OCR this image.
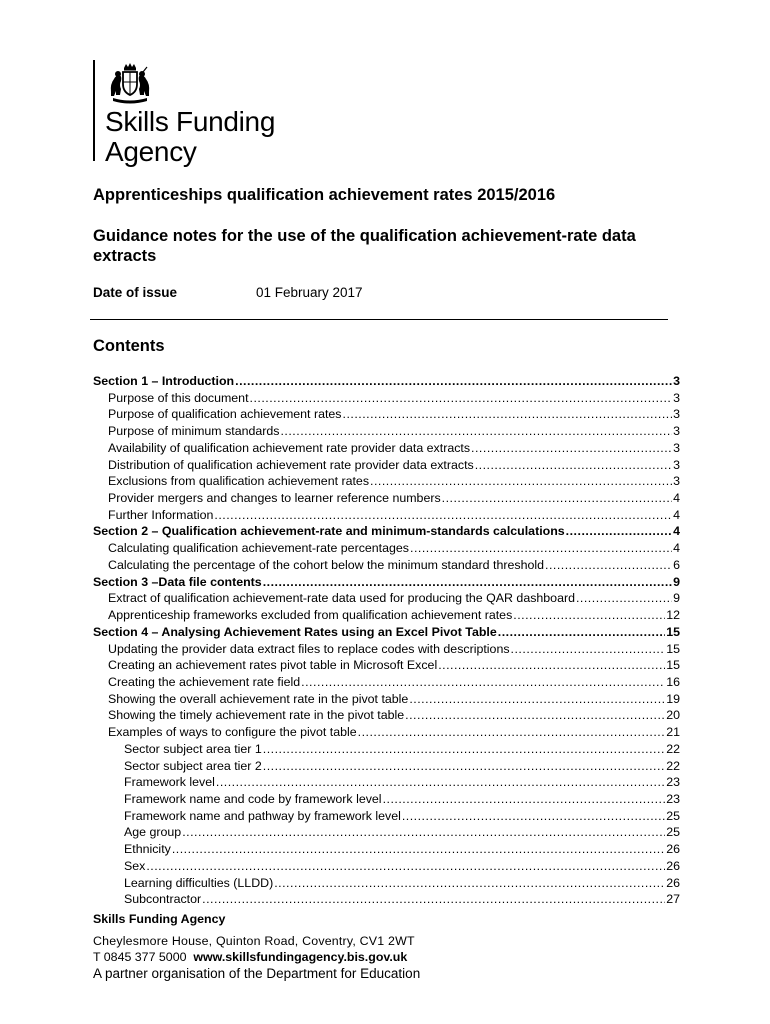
Skills Funding
Agency
Apprenticeships qualification achievement rates 2015/2016
Guidance notes for the use of the qualification achievement-rate data extracts
Date of issue	01 February 2017
Contents
Section 1 – Introduction .....	3
Purpose of this document .....	3
Purpose of qualification achievement rates .....	3
Purpose of minimum standards .....	3
Availability of qualification achievement rate provider data extracts .....	3
Distribution of qualification achievement rate provider data extracts .....	3
Exclusions from qualification achievement rates .....	3
Provider mergers and changes to learner reference numbers .....	4
Further Information .....	4
Section 2 – Qualification achievement-rate and minimum-standards calculations .....	4
Calculating qualification achievement-rate percentages .....	4
Calculating the percentage of the cohort below the minimum standard threshold .....	6
Section 3 –Data file contents .....	9
Extract of qualification achievement-rate data used for producing the QAR dashboard .....	9
Apprenticeship frameworks excluded from qualification achievement rates .....	12
Section 4 – Analysing Achievement Rates using an Excel Pivot Table .....	15
Updating the provider data extract files to replace codes with descriptions .....	15
Creating an achievement rates pivot table in Microsoft Excel .....	15
Creating the achievement rate field .....	16
Showing the overall achievement rate in the pivot table .....	19
Showing the timely achievement rate in the pivot table .....	20
Examples of ways to configure the pivot table .....	21
Sector subject area tier 1 .....	22
Sector subject area tier 2 .....	22
Framework level .....	23
Framework name and code by framework level .....	23
Framework name and pathway by framework level .....	25
Age group .....	25
Ethnicity .....	26
Sex .....	26
Learning difficulties (LLDD) .....	26
Subcontractor .....	27
Skills Funding Agency
Cheylesmore House, Quinton Road, Coventry, CV1 2WT
T 0845 377 5000 www.skillsfundingagency.bis.gov.uk
A partner organisation of the Department for Education
